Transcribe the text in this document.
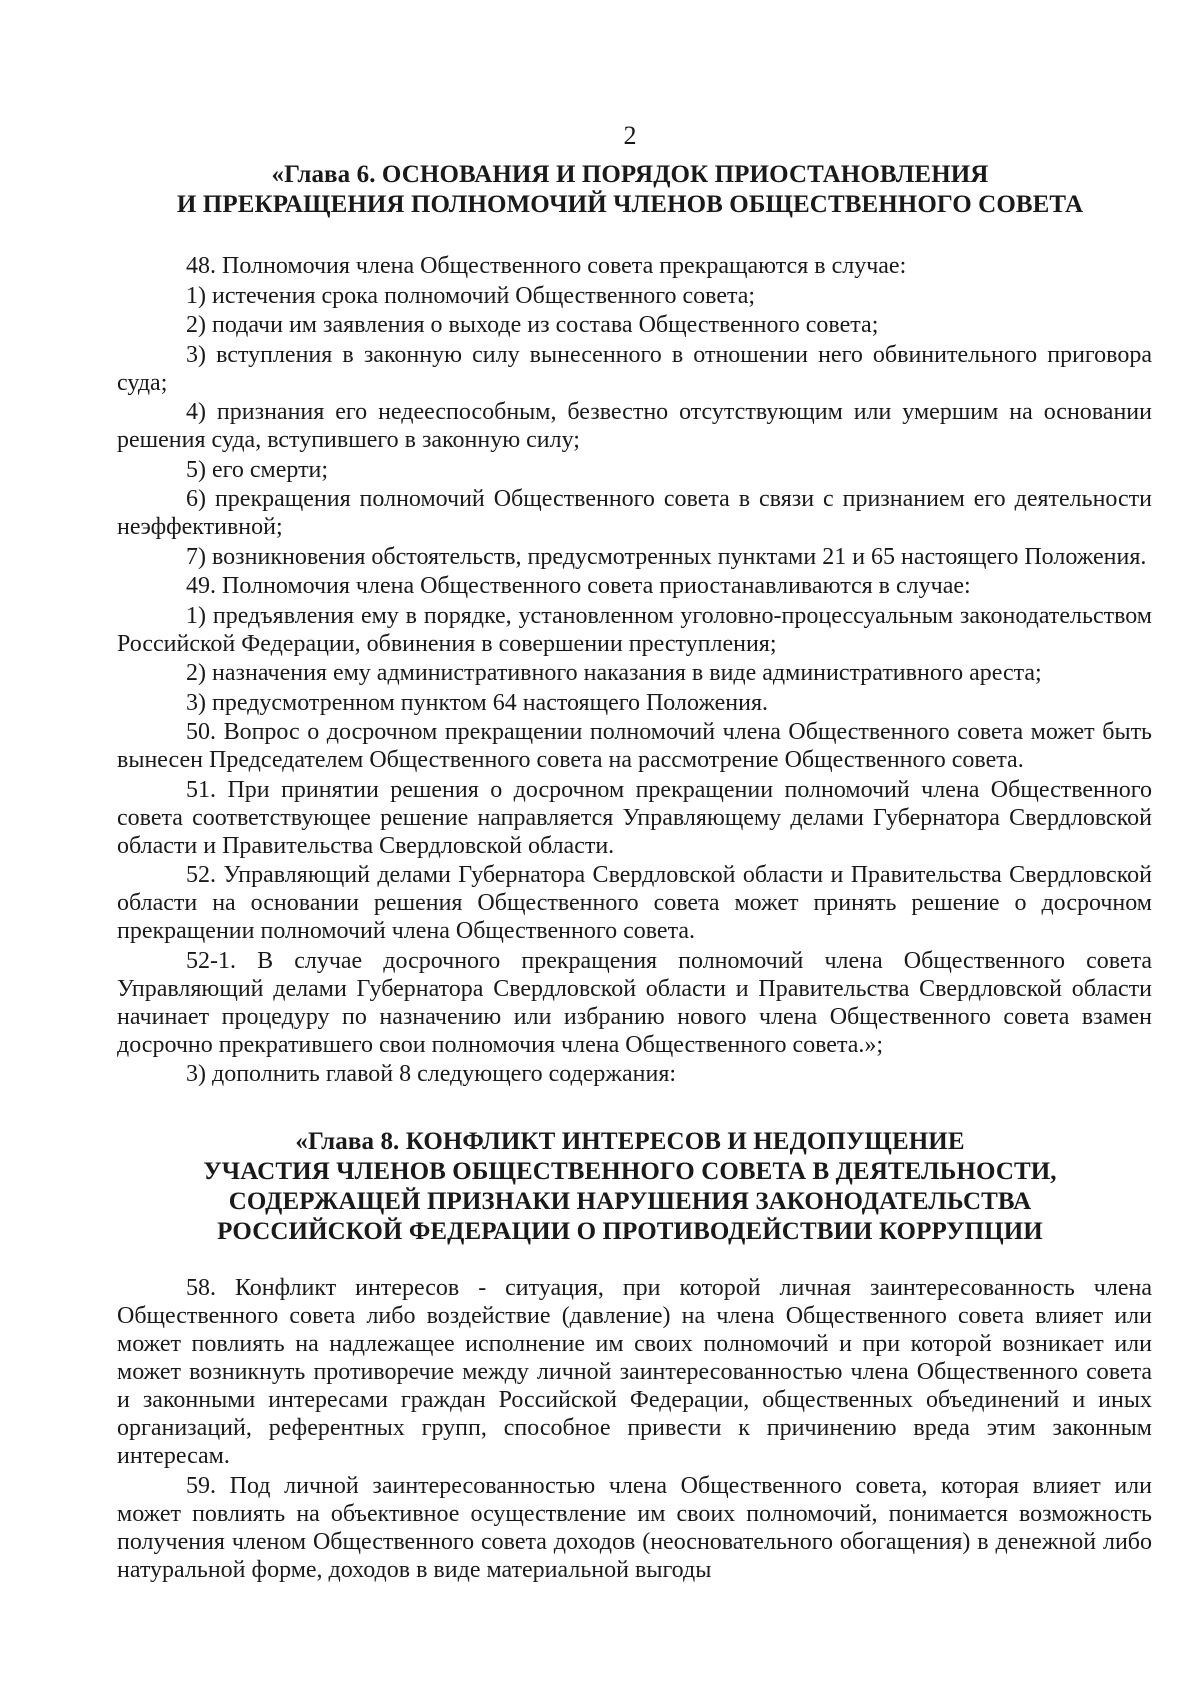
2
«Глава 6. ОСНОВАНИЯ И ПОРЯДОК ПРИОСТАНОВЛЕНИЯ
И ПРЕКРАЩЕНИЯ ПОЛНОМОЧИЙ ЧЛЕНОВ ОБЩЕСТВЕННОГО СОВЕТА

48. Полномочия члена Общественного совета прекращаются в случае:

1) истечения срока полномочий Общественного совета;

2) подачи им заявления о выходе из состава Общественного совета;

3) вступления в законную силу вынесенного в отношении него обвинительного приговора суда;

4) признания его недееспособным, безвестно отсутствующим или умершим на основании решения суда, вступившего в законную силу;

5) его смерти;

6) прекращения полномочий Общественного совета в связи с признанием его деятельности неэффективной;

7) возникновения обстоятельств, предусмотренных пунктами 21 и 65 настоящего Положения.

49. Полномочия члена Общественного совета приостанавливаются в случае:

1) предъявления ему в порядке, установленном уголовно-процессуальным законодательством Российской Федерации, обвинения в совершении преступления;

2) назначения ему административного наказания в виде административного ареста;

3) предусмотренном пунктом 64 настоящего Положения.

50. Вопрос о досрочном прекращении полномочий члена Общественного совета может быть вынесен Председателем Общественного совета на рассмотрение Общественного совета.

51. При принятии решения о досрочном прекращении полномочий члена Общественного совета соответствующее решение направляется Управляющему делами Губернатора Свердловской области и Правительства Свердловской области.

52. Управляющий делами Губернатора Свердловской области и Правительства Свердловской области на основании решения Общественного совета может принять решение о досрочном прекращении полномочий члена Общественного совета.

52-1. В случае досрочного прекращения полномочий члена Общественного совета Управляющий делами Губернатора Свердловской области и Правительства Свердловской области начинает процедуру по назначению или избранию нового члена Общественного совета взамен досрочно прекратившего свои полномочия члена Общественного совета.»;

3) дополнить главой 8 следующего содержания:

«Глава 8. КОНФЛИКТ ИНТЕРЕСОВ И НЕДОПУЩЕНИЕ
УЧАСТИЯ ЧЛЕНОВ ОБЩЕСТВЕННОГО СОВЕТА В ДЕЯТЕЛЬНОСТИ,
СОДЕРЖАЩЕЙ ПРИЗНАКИ НАРУШЕНИЯ ЗАКОНОДАТЕЛЬСТВА
РОССИЙСКОЙ ФЕДЕРАЦИИ О ПРОТИВОДЕЙСТВИИ КОРРУПЦИИ

58. Конфликт интересов - ситуация, при которой личная заинтересованность члена Общественного совета либо воздействие (давление) на члена Общественного совета влияет или может повлиять на надлежащее исполнение им своих полномочий и при которой возникает или может возникнуть противоречие между личной заинтересованностью члена Общественного совета и законными интересами граждан Российской Федерации, общественных объединений и иных организаций, референтных групп, способное привести к причинению вреда этим законным интересам.

59. Под личной заинтересованностью члена Общественного совета, которая влияет или может повлиять на объективное осуществление им своих полномочий, понимается возможность получения членом Общественного совета доходов (неосновательного обогащения) в денежной либо натуральной форме, доходов в виде материальной выгоды
